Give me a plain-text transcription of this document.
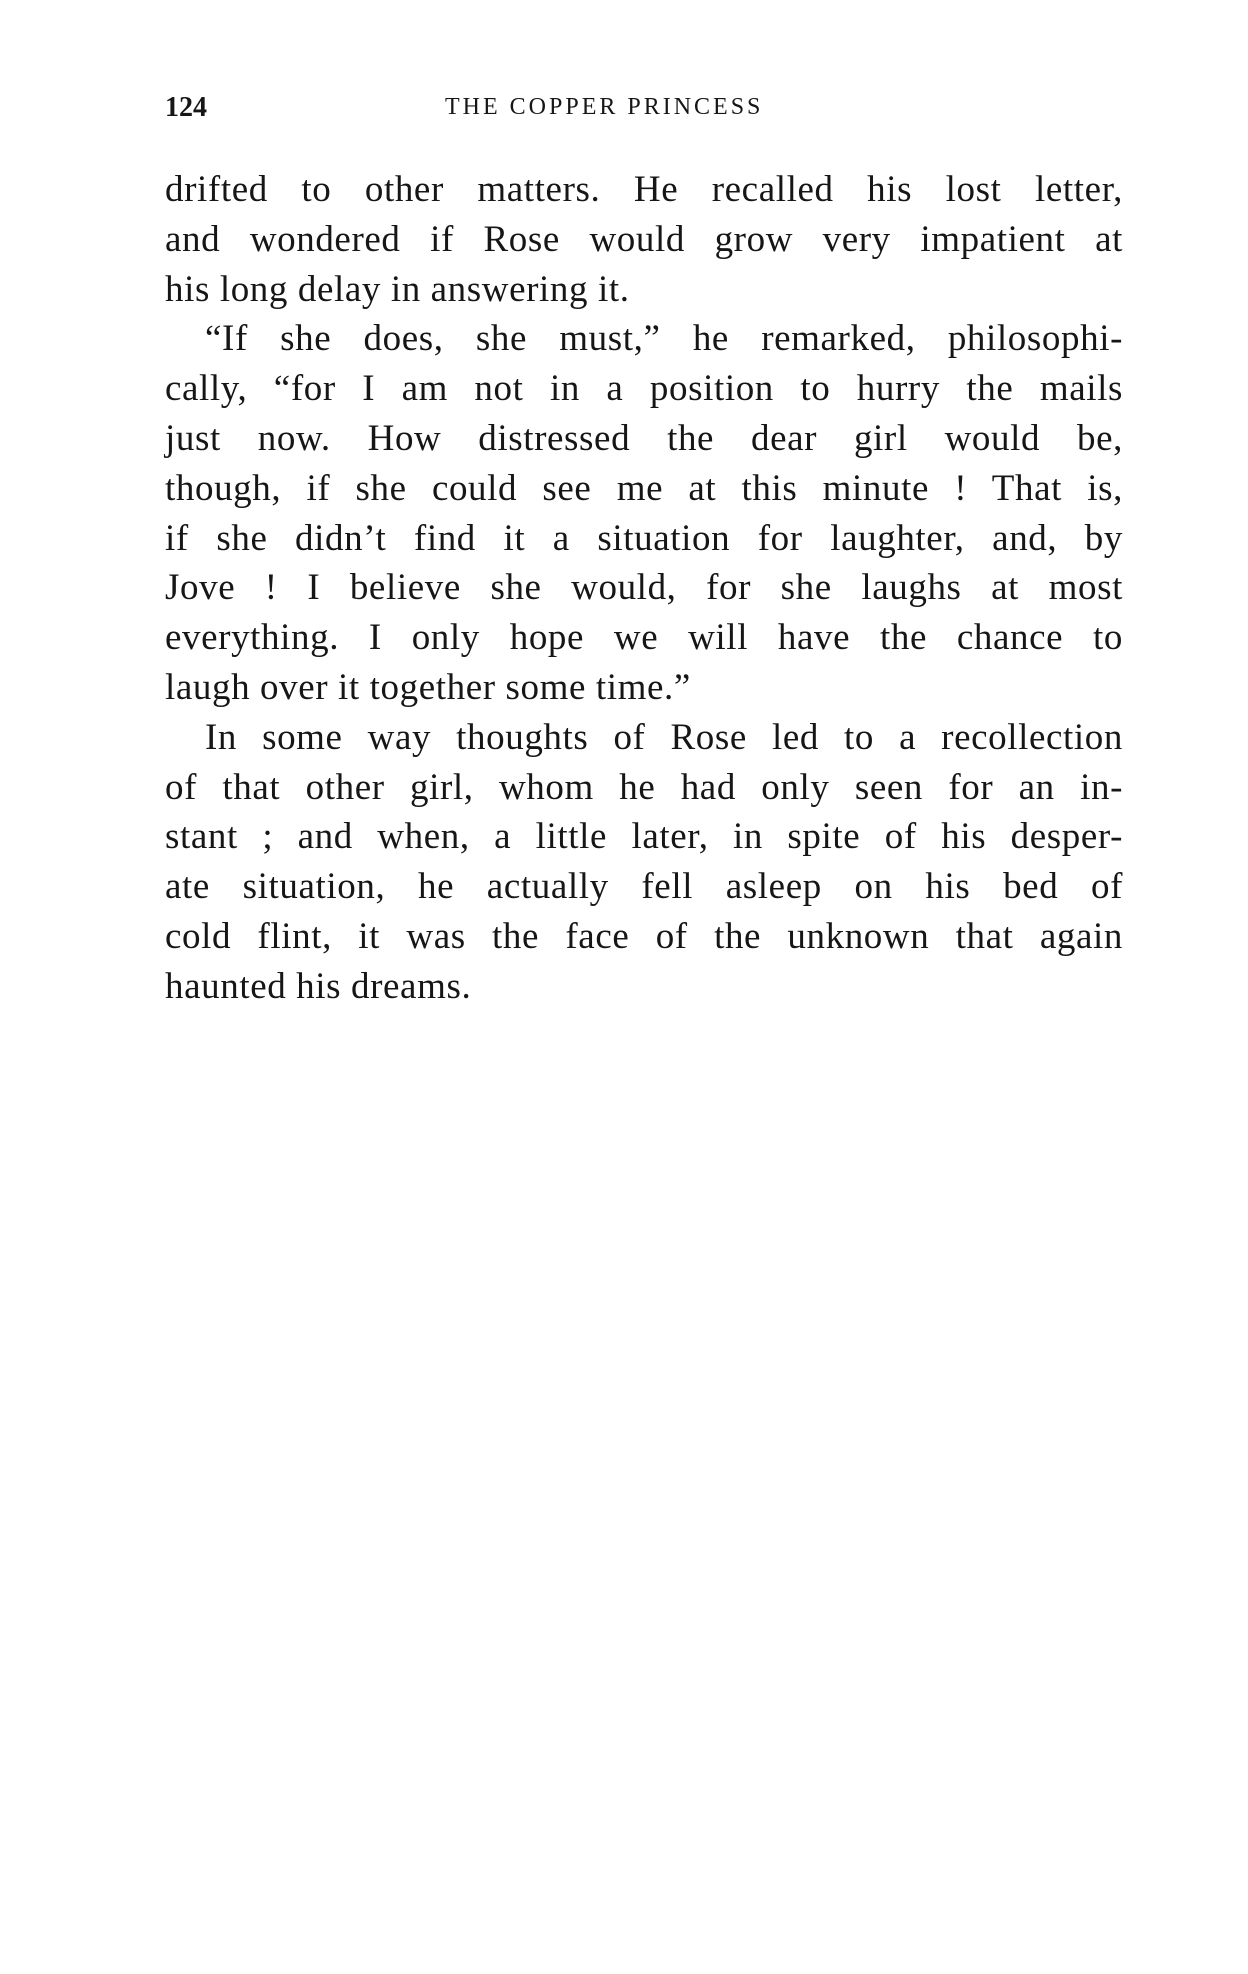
124	THE COPPER PRINCESS
drifted to other matters. He recalled his lost letter,
and wondered if Rose would grow very impatient at
his long delay in answering it.
“If she does, she must,” he remarked, philosophi-
cally, “for I am not in a position to hurry the mails
just now. How distressed the dear girl would be,
though, if she could see me at this minute ! That is,
if she didn’t find it a situation for laughter, and, by
Jove ! I believe she would, for she laughs at most
everything. I only hope we will have the chance to
laugh over it together some time.”
In some way thoughts of Rose led to a recollection
of that other girl, whom he had only seen for an in-
stant ; and when, a little later, in spite of his desper-
ate situation, he actually fell asleep on his bed of
cold flint, it was the face of the unknown that again
haunted his dreams.
